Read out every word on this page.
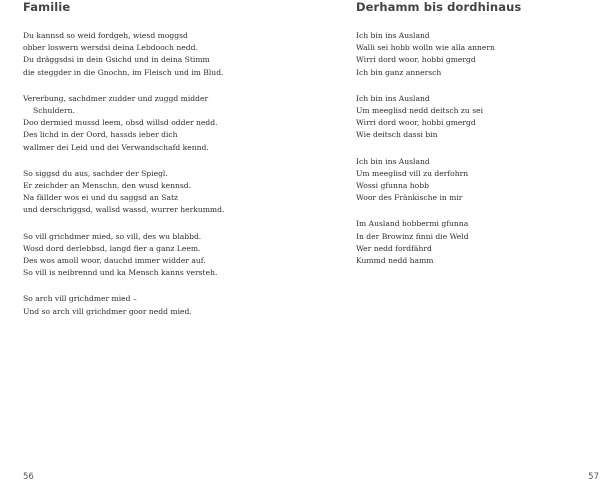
Familie

Du kannsd so weid fordgeh, wiesd moggsd
obber loswern wersdsi deina Lebdooch nedd.
Du dräggsdsi in dein Gsichd und in deina Stimm
die steggder in die Gnochn, im Fleisch und im Blud.

Vererbung, sachdmer zudder und zuggd midder
Schuldern.
Doo dermied mussd leem, obsd willsd odder nedd.
Des lichd in der Oord, hassds ieber dich
wallmer dei Leid und dei Verwandschafd kennd.

So siggsd du aus, sachder der Spiegl.
Er zeichder an Menschn, den wusd kennsd.
Na fällder wos ei und du saggsd an Satz
und derschriggsd, wallsd wassd, wurrer herkummd.

So vill grichdmer mied, so vill, des wu blabbd.
Wosd dord derlebbsd, langd fier a ganz Leem.
Des wos amoll woor, dauchd immer widder auf.
So vill is neibrennd und ka Mensch kanns versteh.

So arch vill grichdmer mied –
Und so arch vill grichdmer goor nedd mied.

56
Derhamm bis dordhinaus

Ich bin ins Ausland
Walli sei hobb wolln wie alla annern
Wirri dord woor, hobbi gmergd
Ich bin ganz annersch

Ich bin ins Ausland
Um meeglisd nedd deitsch zu sei
Wirri dord woor, hobbi gmergd
Wie deitsch dassi bin

Ich bin ins Ausland
Um meeglisd vill zu derfohrn
Wossi gfunna hobb
Woor des Fränkische in mir

Im Ausland hobbermi gfunna
In der Browinz finni die Weld
Wer nedd fordfährd
Kummd nedd hamm

57
